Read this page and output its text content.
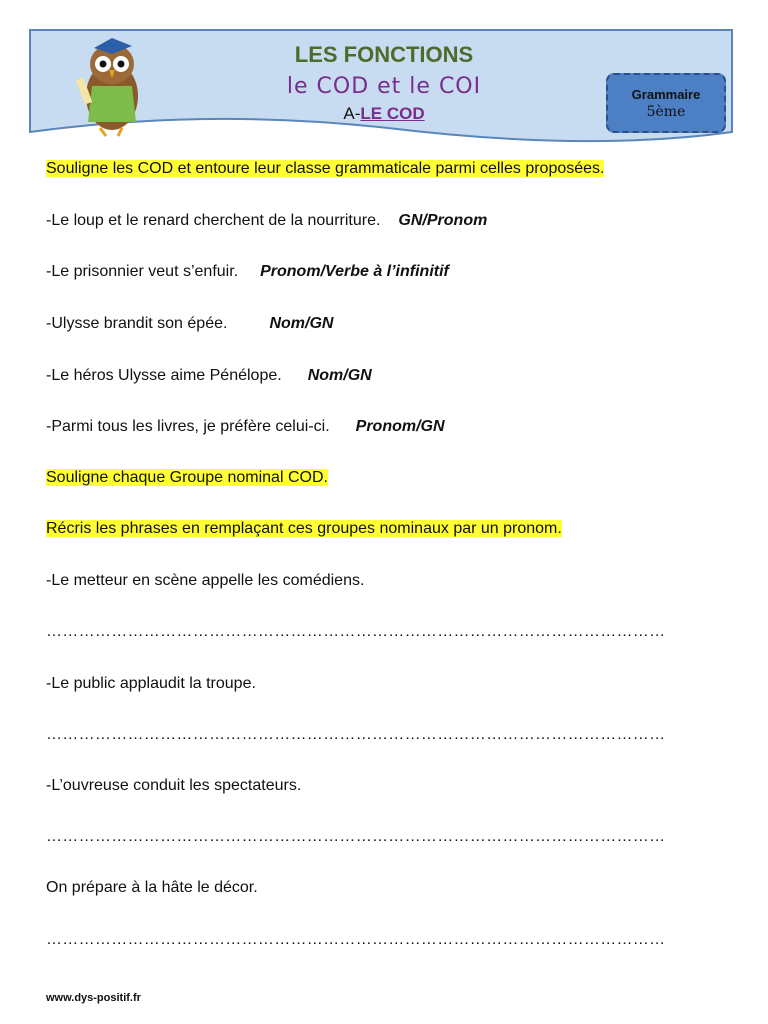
LES FONCTIONS
le COD et le COI
A-LE COD
Grammaire
5ème
Souligne les COD et entoure leur classe grammaticale parmi celles proposées.
-Le loup et le renard cherchent de la nourriture. GN/Pronom
-Le prisonnier veut s’enfuir. Pronom/Verbe à l’infinitif
-Ulysse brandit son épée.	Nom/GN
-Le héros Ulysse aime Pénélope. Nom/GN
-Parmi tous les livres, je préfère celui-ci. Pronom/GN
Souligne chaque Groupe nominal COD.
Récris les phrases en remplaçant ces groupes nominaux par un pronom.
-Le metteur en scène appelle les comédiens.
……………………………………………………………………………………………………
-Le public applaudit la troupe.
……………………………………………………………………………………………………
-L’ouvreuse conduit les spectateurs.
……………………………………………………………………………………………………
On prépare à la hâte le décor.
……………………………………………………………………………………………………
www.dys-positif.fr
